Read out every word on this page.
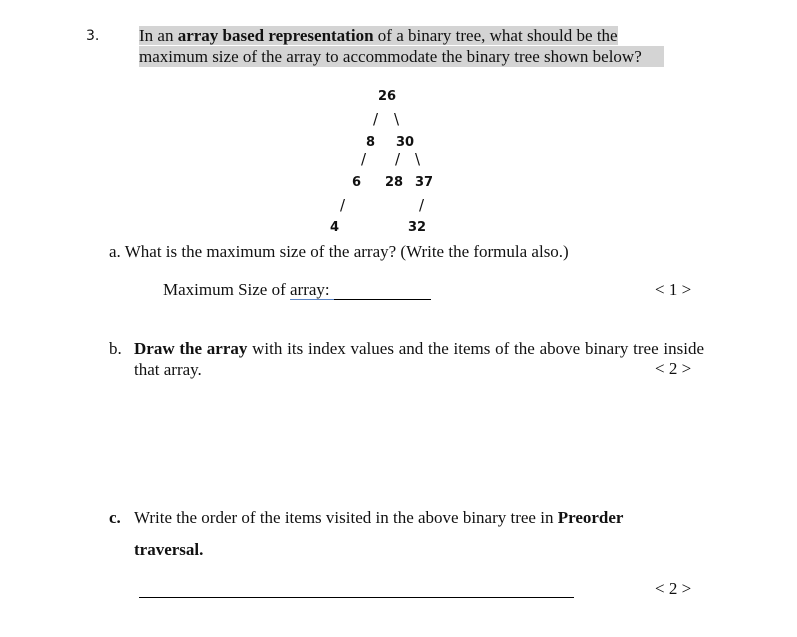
3. In an array based representation of a binary tree, what should be the
maximum size of the array to accommodate the binary tree shown below?
26
/ \
8 30
/ / \
6 28 37
/	/
4	32
a. What is the maximum size of the array? (Write the formula also.)
Maximum Size of array:	< 1 >
b. Draw the array with its index values and the items of the above binary tree inside that array.	< 2 >
c. Write the order of the items visited in the above binary tree in Preorder
traversal.
< 2 >
